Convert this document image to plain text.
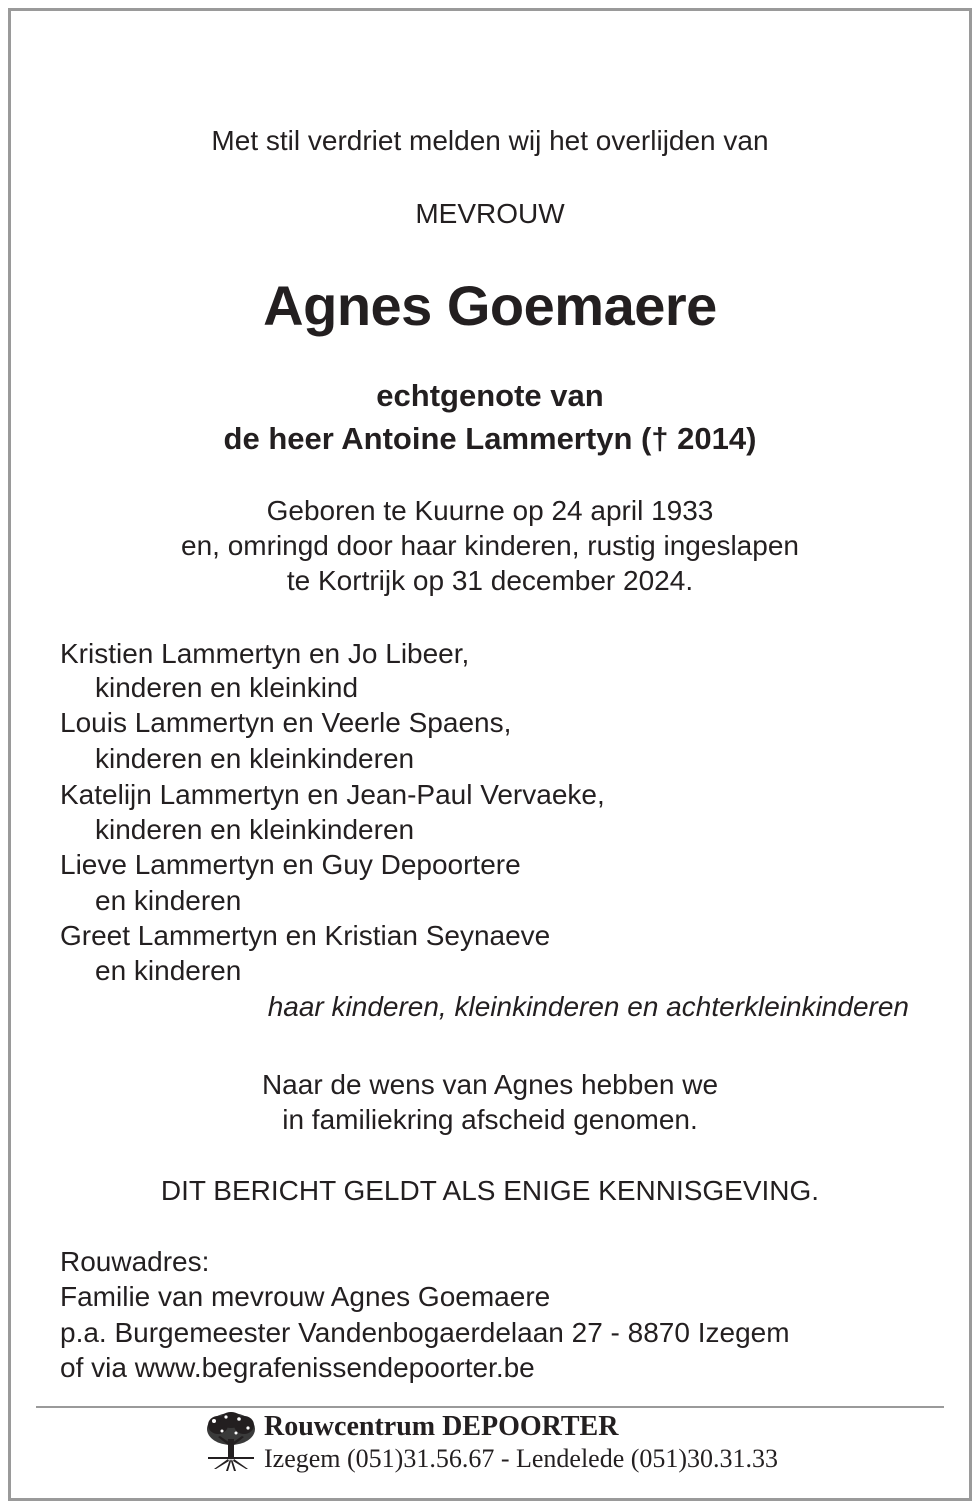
Met stil verdriet melden wij het overlijden van
MEVROUW
Agnes Goemaere
echtgenote van
de heer Antoine Lammertyn († 2014)
Geboren te Kuurne op 24 april 1933
en, omringd door haar kinderen, rustig ingeslapen
te Kortrijk op 31 december 2024.
Kristien Lammertyn en Jo Libeer,
kinderen en kleinkind
Louis Lammertyn en Veerle Spaens,
kinderen en kleinkinderen
Katelijn Lammertyn en Jean-Paul Vervaeke,
kinderen en kleinkinderen
Lieve Lammertyn en Guy Depoortere
en kinderen
Greet Lammertyn en Kristian Seynaeve
en kinderen
haar kinderen, kleinkinderen en achterkleinkinderen
Naar de wens van Agnes hebben we
in familiekring afscheid genomen.
DIT BERICHT GELDT ALS ENIGE KENNISGEVING.
Rouwadres:
Familie van mevrouw Agnes Goemaere
p.a. Burgemeester Vandenbogaerdelaan 27 - 8870 Izegem
of via www.begrafenissendepoorter.be
Rouwcentrum DEPOORTER
Izegem (051)31.56.67 - Lendelede (051)30.31.33
